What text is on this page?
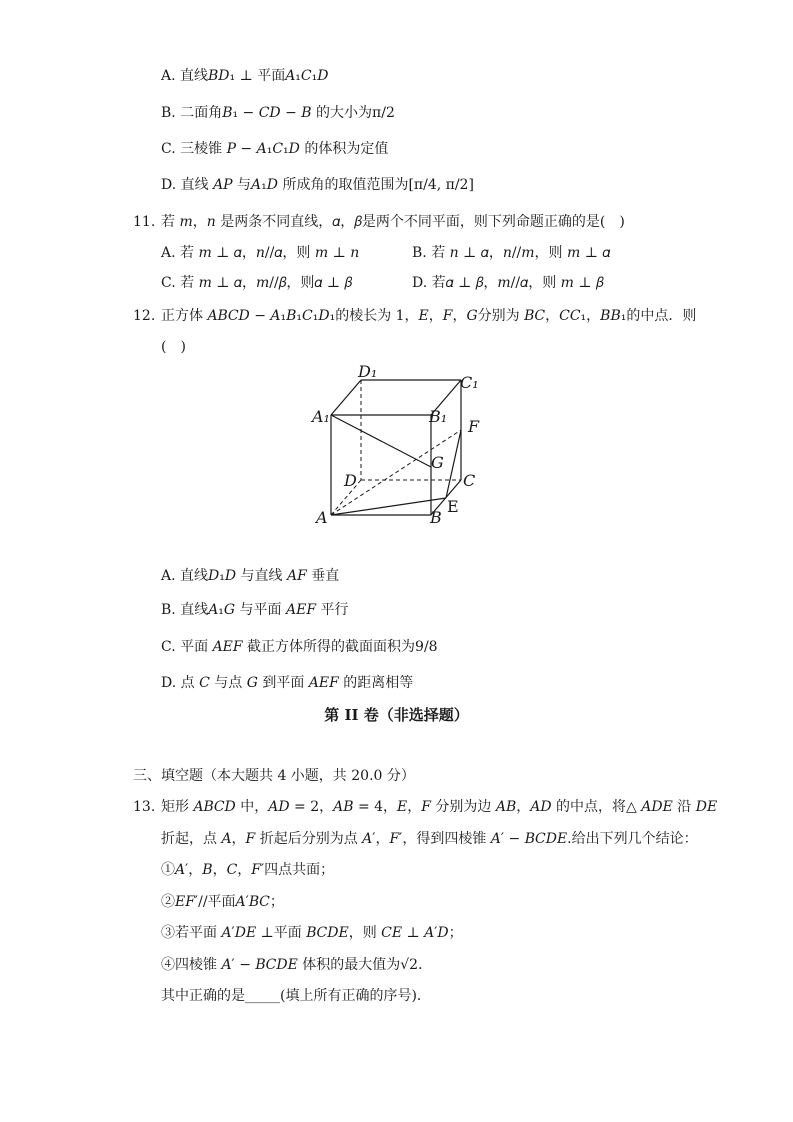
A. 直线𝐵𝐷₁ ⊥ 平面𝐴₁𝐶₁𝐷
B. 二面角𝐵₁ − 𝐶𝐷 − 𝐵 的大小为π/2
C. 三棱锥 𝑃 − 𝐴₁𝐶₁𝐷 的体积为定值
D. 直线 𝐴𝑃 与𝐴₁𝐷 所成角的取值范围为[π/4, π/2]
11. 若 𝑚，𝑛 是两条不同直线，𝛼，𝛽是两个不同平面，则下列命题正确的是(　)
A. 若 𝑚 ⊥ 𝛼，𝑛//𝛼，则 𝑚 ⊥ 𝑛	B. 若 𝑛 ⊥ 𝛼，𝑛//𝑚，则 𝑚 ⊥ 𝛼
C. 若 𝑚 ⊥ 𝛼，𝑚//𝛽，则𝛼 ⊥ 𝛽	D. 若𝛼 ⊥ 𝛽，𝑚//𝛼，则 𝑚 ⊥ 𝛽
12. 正方体 𝐴𝐵𝐶𝐷 − 𝐴₁𝐵₁𝐶₁𝐷₁的棱长为 1，𝐸，𝐹，𝐺分别为 𝐵𝐶，𝐶𝐶₁，𝐵𝐵₁的中点．则
(　)
D₁
C₁
A₁	B₁
F
G
D	C
A	B
E
A. 直线𝐷₁𝐷 与直线 𝐴𝐹 垂直
B. 直线𝐴₁𝐺 与平面 𝐴𝐸𝐹 平行
C. 平面 𝐴𝐸𝐹 截正方体所得的截面面积为9/8
D. 点 𝐶 与点 𝐺 到平面 𝐴𝐸𝐹 的距离相等
第 II 卷（非选择题）
三、填空题（本大题共 4 小题，共 20.0 分）
13. 矩形 𝐴𝐵𝐶𝐷 中，𝐴𝐷 = 2，𝐴𝐵 = 4，𝐸，𝐹 分别为边 𝐴𝐵，𝐴𝐷 的中点，将△ 𝐴𝐷𝐸 沿 𝐷𝐸
折起，点 𝐴，𝐹 折起后分别为点 𝐴′，𝐹′，得到四棱锥 𝐴′ − 𝐵𝐶𝐷𝐸.给出下列几个结论：
①𝐴′，𝐵，𝐶，𝐹′四点共面；
②𝐸𝐹′//平面𝐴′𝐵𝐶；
③若平面 𝐴′𝐷𝐸 ⊥平面 𝐵𝐶𝐷𝐸，则 𝐶𝐸 ⊥ 𝐴′𝐷；
④四棱锥 𝐴′ − 𝐵𝐶𝐷𝐸 体积的最大值为√2．
其中正确的是_____(填上所有正确的序号)．
